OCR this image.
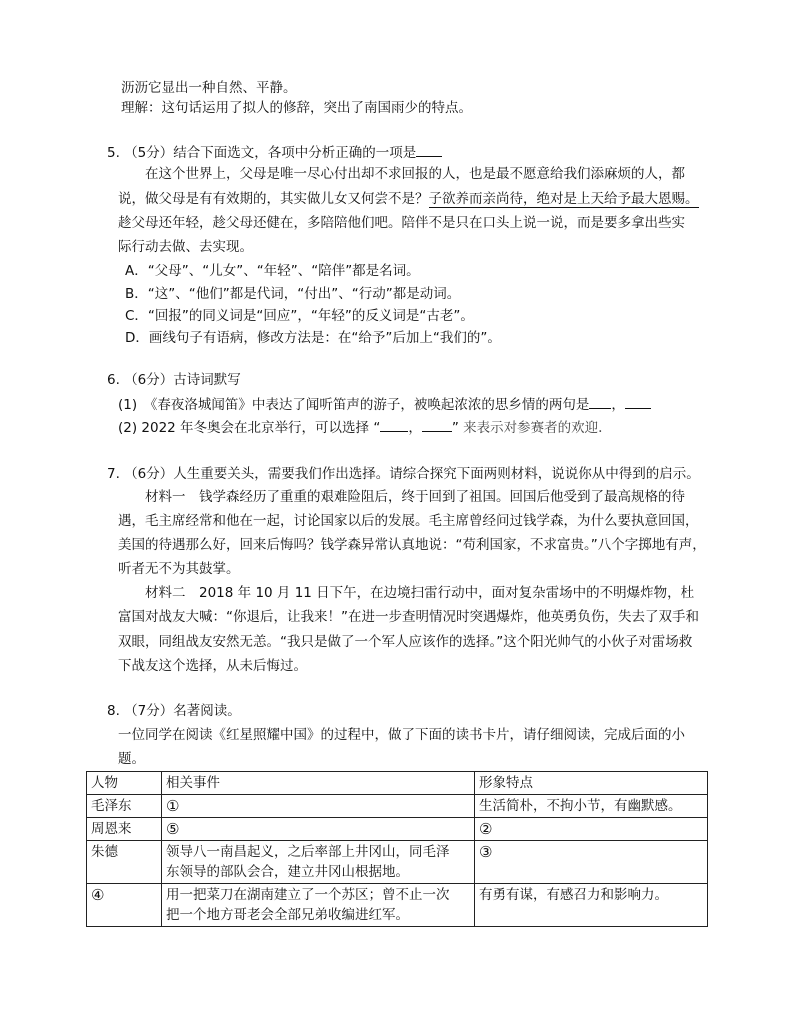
沥沥它显出一种自然、平静。
理解：这句话运用了拟人的修辞，突出了南国雨少的特点。
5. （5分）结合下面选文，各项中分析正确的一项是
在这个世界上，父母是唯一尽心付出却不求回报的人，也是最不愿意给我们添麻烦的人，都
说，做父母是有有效期的，其实做儿女又何尝不是？子欲养而亲尚待，绝对是上天给予最大恩赐。
趁父母还年轻，趁父母还健在，多陪陪他们吧。陪伴不是只在口头上说一说，而是要多拿出些实
际行动去做、去实现。
A．“父母”、“儿女”、“年轻”、“陪伴”都是名词。
B．“这”、“他们”都是代词，“付出”、“行动”都是动词。
C．“回报”的同义词是“回应”，“年轻”的反义词是“古老”。
D．画线句子有语病，修改方法是：在“给予”后加上“我们的”。
6. （6分）古诗词默写
(1)　《春夜洛城闻笛》中表达了闻听笛声的游子，被唤起浓浓的思乡情的两句是 ，
(2) 2022 年冬奥会在北京举行，可以选择 “ ， ” 来表示对参赛者的欢迎.
7. （6分）人生重要关头，需要我们作出选择。请综合探究下面两则材料，说说你从中得到的启示。
材料一　钱学森经历了重重的艰难险阻后，终于回到了祖国。回国后他受到了最高规格的待
遇，毛主席经常和他在一起，讨论国家以后的发展。毛主席曾经问过钱学森，为什么要执意回国，
美国的待遇那么好，回来后悔吗？钱学森异常认真地说：“苟利国家，不求富贵。”八个字掷地有声，
听者无不为其鼓掌。
材料二　2018 年 10 月 11 日下午，在边境扫雷行动中，面对复杂雷场中的不明爆炸物，杜
富国对战友大喊：“你退后，让我来！”在进一步查明情况时突遇爆炸，他英勇负伤，失去了双手和
双眼，同组战友安然无恙。“我只是做了一个军人应该作的选择。”这个阳光帅气的小伙子对雷场救
下战友这个选择，从未后悔过。
8. （7分）名著阅读。
一位同学在阅读《红星照耀中国》的过程中，做了下面的读书卡片，请仔细阅读，完成后面的小
题。
人物	相关事件	形象特点
毛泽东	①	生活简朴，不拘小节，有幽默感。
周恩来	⑤	②
朱德	领导八一南昌起义，之后率部上井冈山，同毛泽
东领导的部队会合，建立井冈山根据地。	③
④	用一把菜刀在湖南建立了一个苏区；曾不止一次
把一个地方哥老会全部兄弟收编进红军。	有勇有谋，有感召力和影响力。
